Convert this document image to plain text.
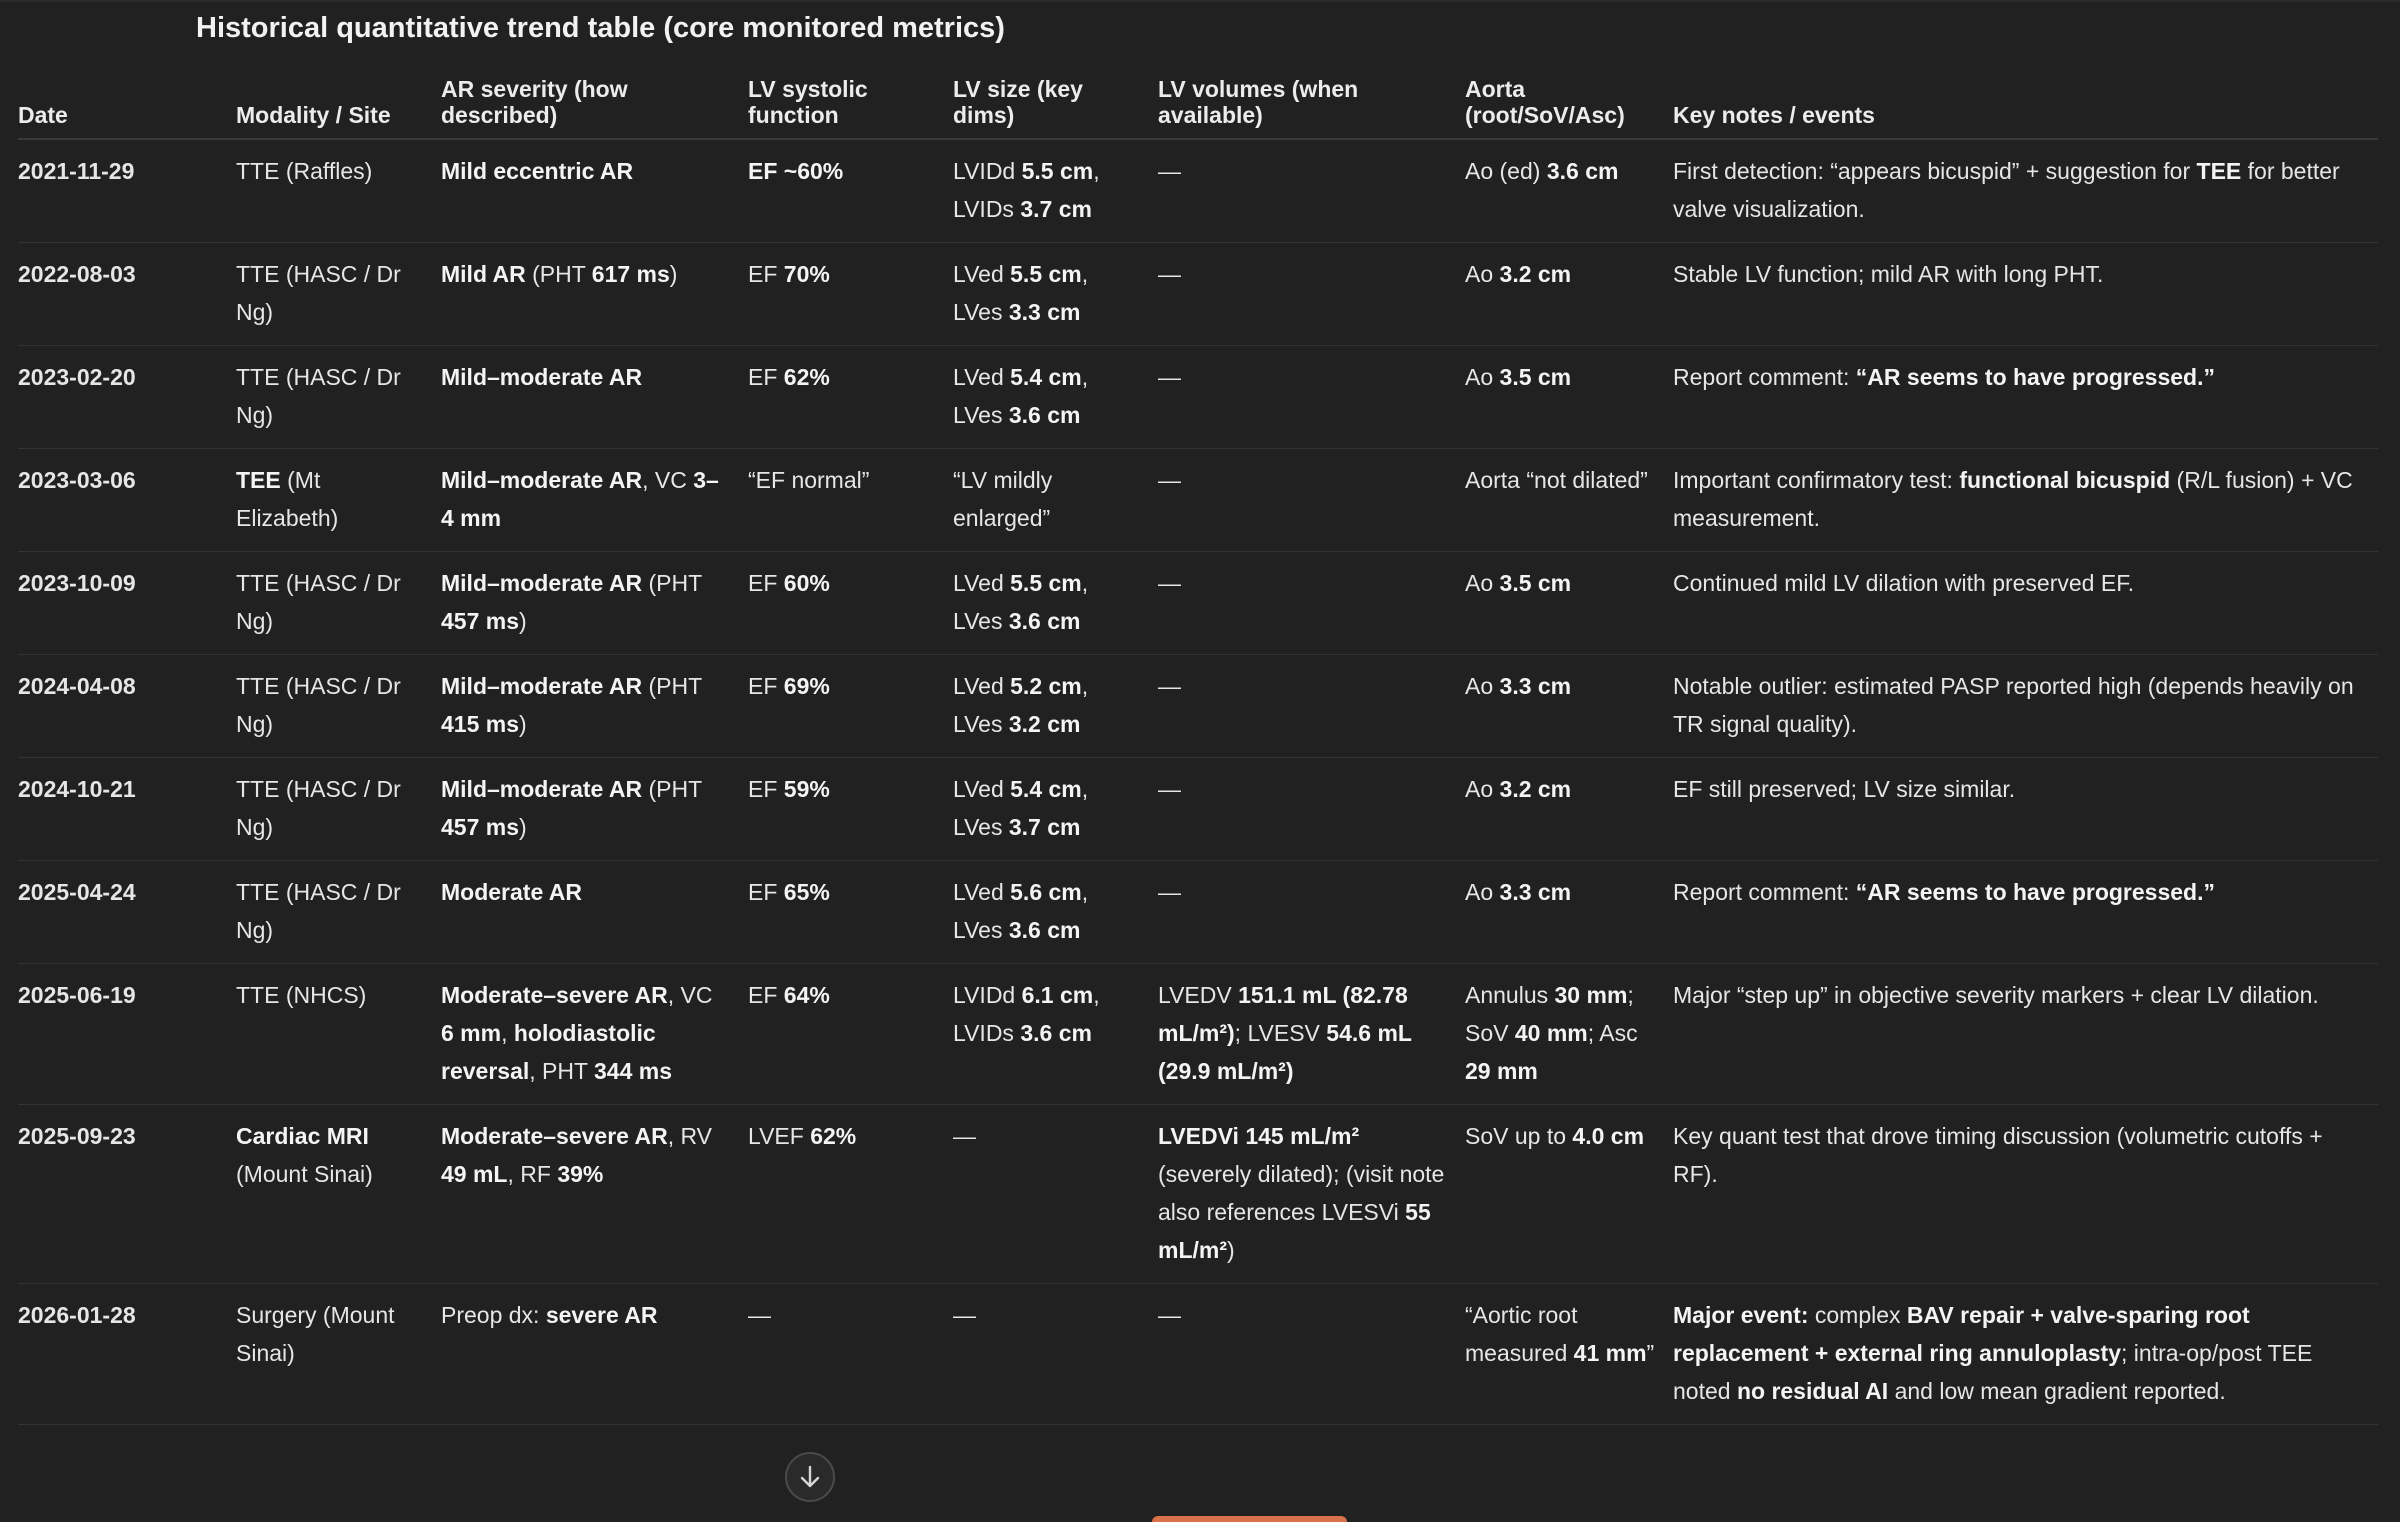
Historical quantitative trend table (core monitored metrics)
Date	Modality / Site	AR severity (how described)	LV systolic function	LV size (key dims)	LV volumes (when available)	Aorta (root/SoV/Asc)	Key notes / events
2021-11-29	TTE (Raffles)	Mild eccentric AR	EF ~60%	LVIDd 5.5 cm, LVIDs 3.7 cm	—	Ao (ed) 3.6 cm	First detection: “appears bicuspid” + suggestion for TEE for better valve visualization.
2022-08-03	TTE (HASC / Dr Ng)	Mild AR (PHT 617 ms)	EF 70%	LVed 5.5 cm, LVes 3.3 cm	—	Ao 3.2 cm	Stable LV function; mild AR with long PHT.
2023-02-20	TTE (HASC / Dr Ng)	Mild–moderate AR	EF 62%	LVed 5.4 cm, LVes 3.6 cm	—	Ao 3.5 cm	Report comment: “AR seems to have progressed.”
2023-03-06	TEE (Mt Elizabeth)	Mild–moderate AR, VC 3–4 mm	“EF normal”	“LV mildly enlarged”	—	Aorta “not dilated”	Important confirmatory test: functional bicuspid (R/L fusion) + VC measurement.
2023-10-09	TTE (HASC / Dr Ng)	Mild–moderate AR (PHT 457 ms)	EF 60%	LVed 5.5 cm, LVes 3.6 cm	—	Ao 3.5 cm	Continued mild LV dilation with preserved EF.
2024-04-08	TTE (HASC / Dr Ng)	Mild–moderate AR (PHT 415 ms)	EF 69%	LVed 5.2 cm, LVes 3.2 cm	—	Ao 3.3 cm	Notable outlier: estimated PASP reported high (depends heavily on TR signal quality).
2024-10-21	TTE (HASC / Dr Ng)	Mild–moderate AR (PHT 457 ms)	EF 59%	LVed 5.4 cm, LVes 3.7 cm	—	Ao 3.2 cm	EF still preserved; LV size similar.
2025-04-24	TTE (HASC / Dr Ng)	Moderate AR	EF 65%	LVed 5.6 cm, LVes 3.6 cm	—	Ao 3.3 cm	Report comment: “AR seems to have progressed.”
2025-06-19	TTE (NHCS)	Moderate–severe AR, VC 6 mm, holodiastolic reversal, PHT 344 ms	EF 64%	LVIDd 6.1 cm, LVIDs 3.6 cm	LVEDV 151.1 mL (82.78 mL/m²); LVESV 54.6 mL (29.9 mL/m²)	Annulus 30 mm; SoV 40 mm; Asc 29 mm	Major “step up” in objective severity markers + clear LV dilation.
2025-09-23	Cardiac MRI (Mount Sinai)	Moderate–severe AR, RV 49 mL, RF 39%	LVEF 62%	—	LVEDVi 145 mL/m² (severely dilated); (visit note also references LVESVi 55 mL/m²)	SoV up to 4.0 cm	Key quant test that drove timing discussion (volumetric cutoffs + RF).
2026-01-28	Surgery (Mount Sinai)	Preop dx: severe AR	—	—	—	“Aortic root measured 41 mm”	Major event: complex BAV repair + valve-sparing root replacement + external ring annuloplasty; intra-op/post TEE noted no residual AI and low mean gradient reported.
